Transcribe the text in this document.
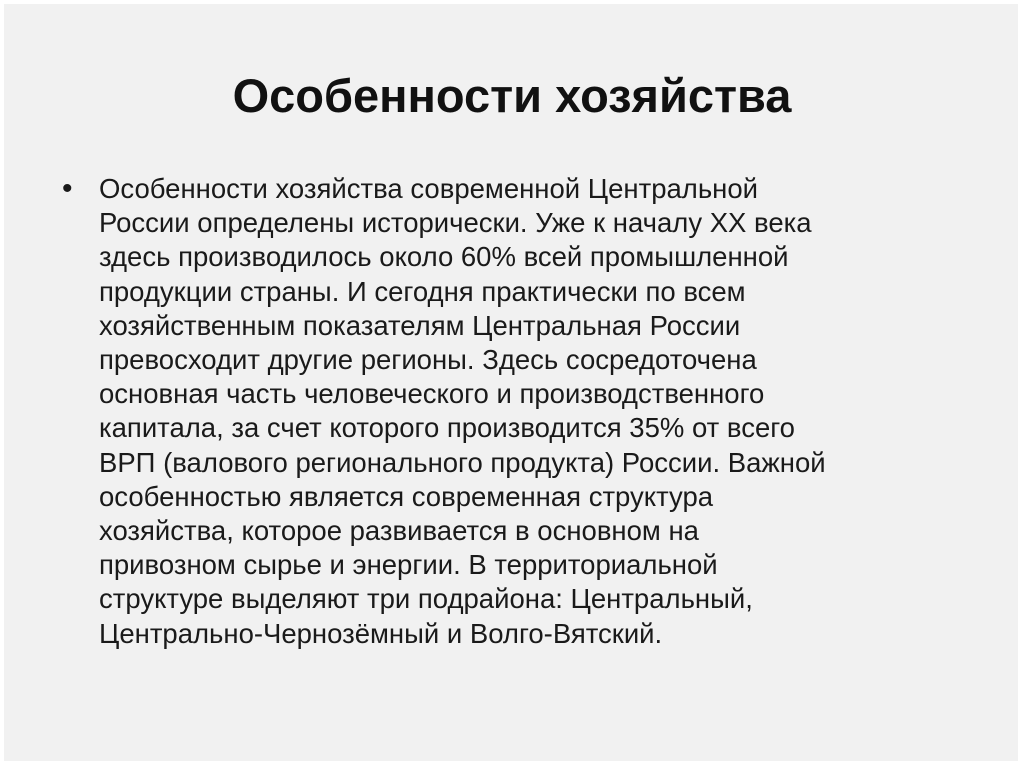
Особенности хозяйства
• Особенности хозяйства современной Центральной
России определены исторически. Уже к началу XX века
здесь производилось около 60% всей промышленной
продукции страны. И сегодня практически по всем
хозяйственным показателям Центральная России
превосходит другие регионы. Здесь сосредоточена
основная часть человеческого и производственного
капитала, за счет которого производится 35% от всего
ВРП (валового регионального продукта) России. Важной
особенностью является современная структура
хозяйства, которое развивается в основном на
привозном сырье и энергии. В территориальной
структуре выделяют три подрайона: Центральный,
Центрально-Чернозёмный и Волго-Вятский.
